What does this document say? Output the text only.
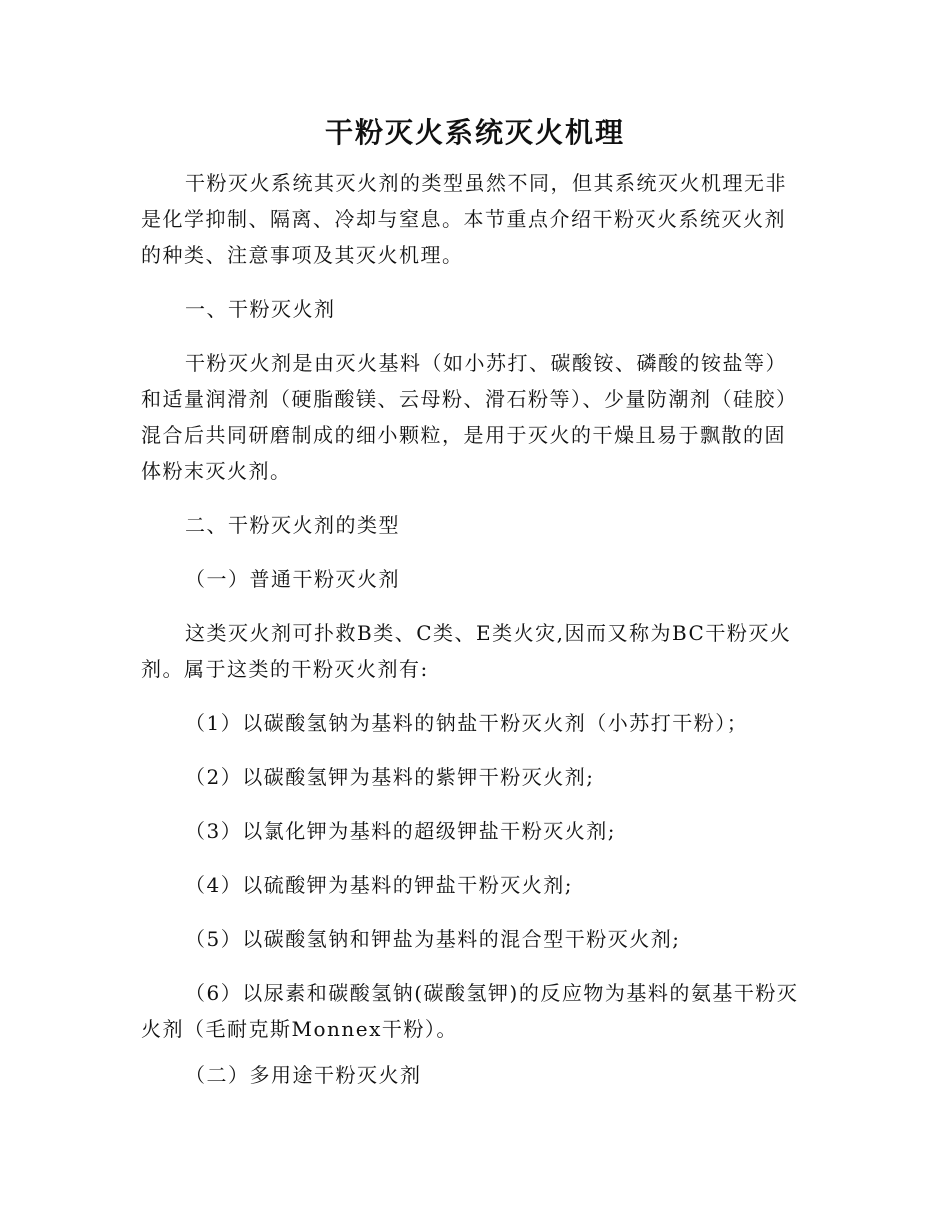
干粉灭火系统灭火机理

干粉灭火系统其灭火剂的类型虽然不同，但其系统灭火机理无非是化学抑制、隔离、冷却与窒息。本节重点介绍干粉灭火系统灭火剂的种类、注意事项及其灭火机理。

一、干粉灭火剂

干粉灭火剂是由灭火基料（如小苏打、碳酸铵、磷酸的铵盐等）和适量润滑剂（硬脂酸镁、云母粉、滑石粉等）、少量防潮剂（硅胶）混合后共同研磨制成的细小颗粒，是用于灭火的干燥且易于飘散的固体粉末灭火剂。

二、干粉灭火剂的类型

（一）普通干粉灭火剂

这类灭火剂可扑救B类、C类、E类火灾,因而又称为BC干粉灭火剂。属于这类的干粉灭火剂有:

（1）以碳酸氢钠为基料的钠盐干粉灭火剂（小苏打干粉）；

（2）以碳酸氢钾为基料的紫钾干粉灭火剂;

（3）以氯化钾为基料的超级钾盐干粉灭火剂;

（4）以硫酸钾为基料的钾盐干粉灭火剂;

（5）以碳酸氢钠和钾盐为基料的混合型干粉灭火剂;

（6）以尿素和碳酸氢钠(碳酸氢钾)的反应物为基料的氨基干粉灭火剂（毛耐克斯Monnex干粉）。

（二）多用途干粉灭火剂
